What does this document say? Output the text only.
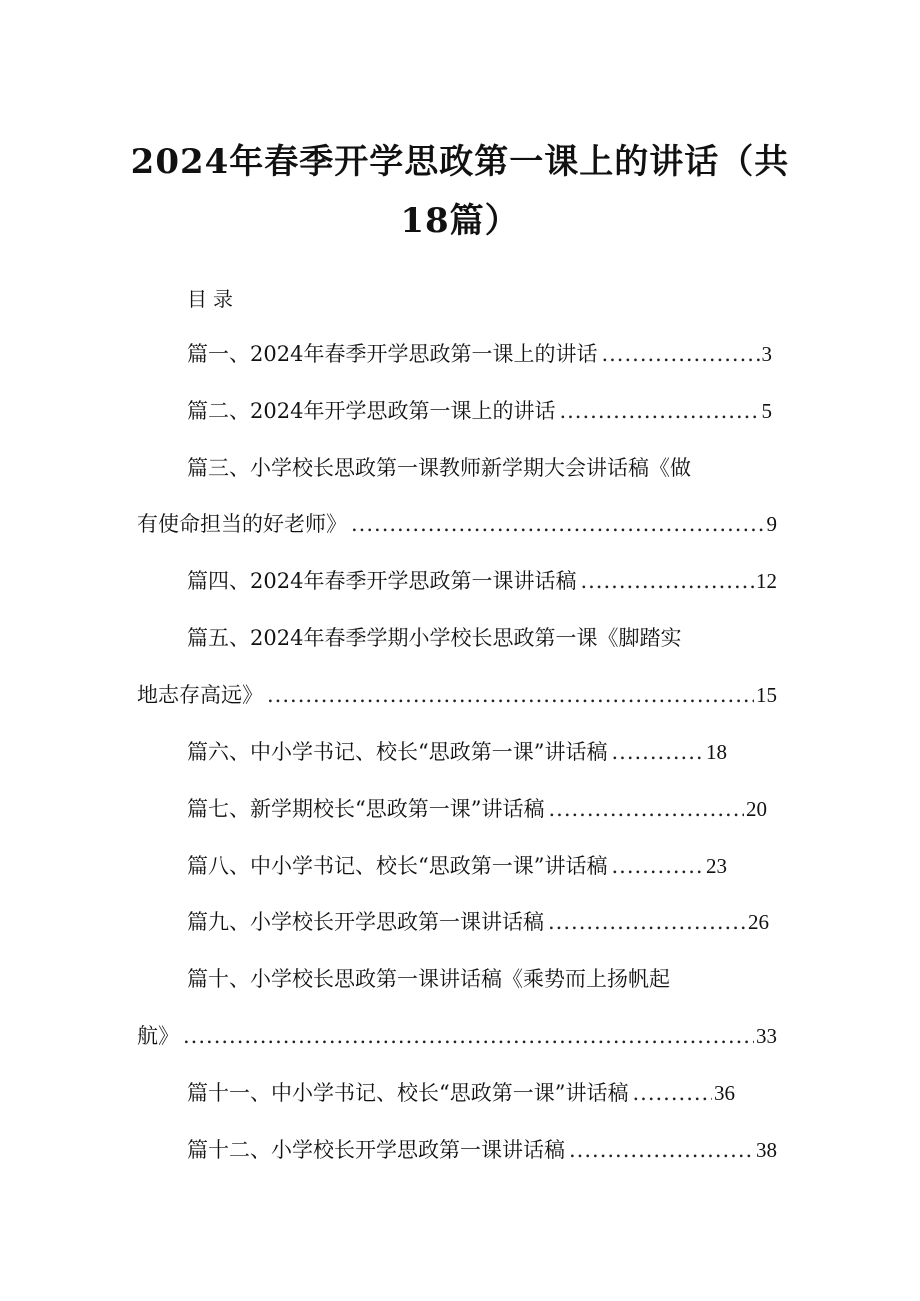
2024年春季开学思政第一课上的讲话（共
18篇）
目录
篇一、2024年春季开学思政第一课上的讲话 .....	3
篇二、2024年开学思政第一课上的讲话 .....	5
篇三、小学校长思政第一课教师新学期大会讲话稿《做
有使命担当的好老师》 .....	9
篇四、2024年春季开学思政第一课讲话稿 .....	12
篇五、2024年春季学期小学校长思政第一课《脚踏实
地志存高远》 .....	15
篇六、中小学书记、校长“思政第一课”讲话稿 .....	18
篇七、新学期校长“思政第一课”讲话稿 .....	20
篇八、中小学书记、校长“思政第一课”讲话稿 .....	23
篇九、小学校长开学思政第一课讲话稿 .....	26
篇十、小学校长思政第一课讲话稿《乘势而上扬帆起
航》 .....	33
篇十一、中小学书记、校长“思政第一课”讲话稿 .....	36
篇十二、小学校长开学思政第一课讲话稿 .....	38
